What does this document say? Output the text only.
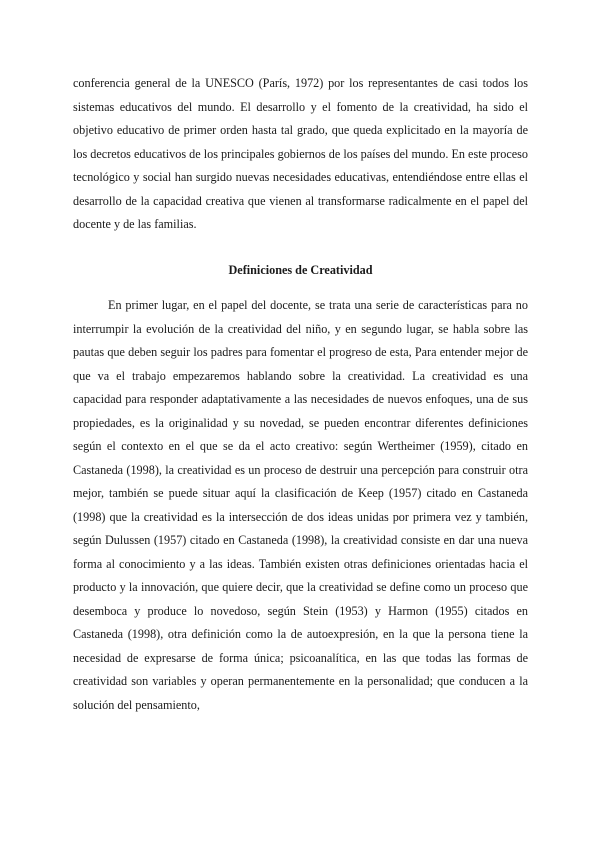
conferencia general de la UNESCO (París, 1972) por los representantes de casi todos los sistemas educativos del mundo. El desarrollo y el fomento de la creatividad, ha sido el objetivo educativo de primer orden hasta tal grado, que queda explicitado en la mayoría de los decretos educativos de los principales gobiernos de los países del mundo. En este proceso tecnológico y social han surgido nuevas necesidades educativas, entendiéndose entre ellas el desarrollo de la capacidad creativa que vienen al transformarse radicalmente en el papel del docente y de las familias.

Definiciones de Creatividad

En primer lugar, en el papel del docente, se trata una serie de características para no interrumpir la evolución de la creatividad del niño, y en segundo lugar, se habla sobre las pautas que deben seguir los padres para fomentar el progreso de esta, Para entender mejor de que va el trabajo empezaremos hablando sobre la creatividad. La creatividad es una capacidad para responder adaptativamente a las necesidades de nuevos enfoques, una de sus propiedades, es la originalidad y su novedad, se pueden encontrar diferentes definiciones según el contexto en el que se da el acto creativo: según Wertheimer (1959), citado en Castaneda (1998), la creatividad es un proceso de destruir una percepción para construir otra mejor, también se puede situar aquí la clasificación de Keep (1957) citado en Castaneda (1998) que la creatividad es la intersección de dos ideas unidas por primera vez y también, según Dulussen (1957) citado en Castaneda (1998), la creatividad consiste en dar una nueva forma al conocimiento y a las ideas. También existen otras definiciones orientadas hacia el producto y la innovación, que quiere decir, que la creatividad se define como un proceso que desemboca y produce lo novedoso, según Stein (1953) y Harmon (1955) citados en Castaneda (1998), otra definición como la de autoexpresión, en la que la persona tiene la necesidad de expresarse de forma única; psicoanalítica, en las que todas las formas de creatividad son variables y operan permanentemente en la personalidad; que conducen a la solución del pensamiento,
